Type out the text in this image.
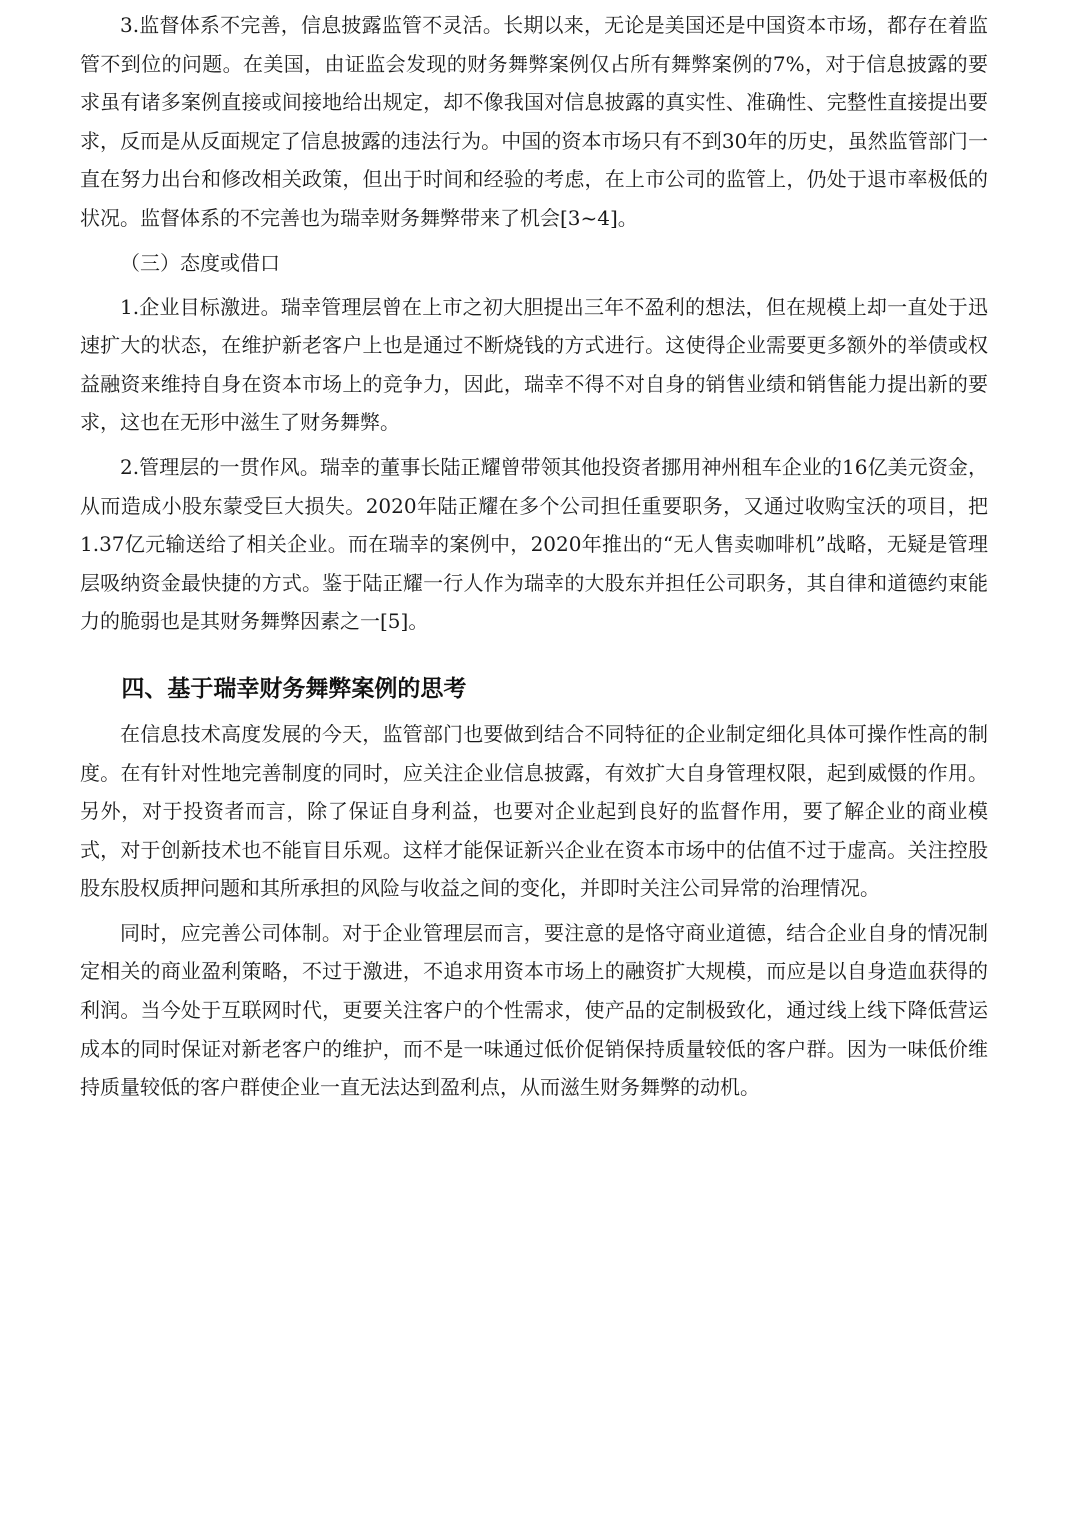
3.监督体系不完善，信息披露监管不灵活。长期以来，无论是美国还是中国资本市场，都存在着监管不到位的问题。在美国，由证监会发现的财务舞弊案例仅占所有舞弊案例的7%，对于信息披露的要求虽有诸多案例直接或间接地给出规定，却不像我国对信息披露的真实性、准确性、完整性直接提出要求，反而是从反面规定了信息披露的违法行为。中国的资本市场只有不到30年的历史，虽然监管部门一直在努力出台和修改相关政策，但出于时间和经验的考虑，在上市公司的监管上，仍处于退市率极低的状况。监督体系的不完善也为瑞幸财务舞弊带来了机会[3~4]。

（三）态度或借口

1.企业目标激进。瑞幸管理层曾在上市之初大胆提出三年不盈利的想法，但在规模上却一直处于迅速扩大的状态，在维护新老客户上也是通过不断烧钱的方式进行。这使得企业需要更多额外的举债或权益融资来维持自身在资本市场上的竞争力，因此，瑞幸不得不对自身的销售业绩和销售能力提出新的要求，这也在无形中滋生了财务舞弊。

2.管理层的一贯作风。瑞幸的董事长陆正耀曾带领其他投资者挪用神州租车企业的16亿美元资金，从而造成小股东蒙受巨大损失。2020年陆正耀在多个公司担任重要职务，又通过收购宝沃的项目，把1.37亿元输送给了相关企业。而在瑞幸的案例中，2020年推出的“无人售卖咖啡机”战略，无疑是管理层吸纳资金最快捷的方式。鉴于陆正耀一行人作为瑞幸的大股东并担任公司职务，其自律和道德约束能力的脆弱也是其财务舞弊因素之一[5]。

四、基于瑞幸财务舞弊案例的思考

在信息技术高度发展的今天，监管部门也要做到结合不同特征的企业制定细化具体可操作性高的制度。在有针对性地完善制度的同时，应关注企业信息披露，有效扩大自身管理权限，起到威慑的作用。另外，对于投资者而言，除了保证自身利益，也要对企业起到良好的监督作用，要了解企业的商业模式，对于创新技术也不能盲目乐观。这样才能保证新兴企业在资本市场中的估值不过于虚高。关注控股股东股权质押问题和其所承担的风险与收益之间的变化，并即时关注公司异常的治理情况。

同时，应完善公司体制。对于企业管理层而言，要注意的是恪守商业道德，结合企业自身的情况制定相关的商业盈利策略，不过于激进，不追求用资本市场上的融资扩大规模，而应是以自身造血获得的利润。当今处于互联网时代，更要关注客户的个性需求，使产品的定制极致化，通过线上线下降低营运成本的同时保证对新老客户的维护，而不是一味通过低价促销保持质量较低的客户群。因为一味低价维持质量较低的客户群使企业一直无法达到盈利点，从而滋生财务舞弊的动机。
